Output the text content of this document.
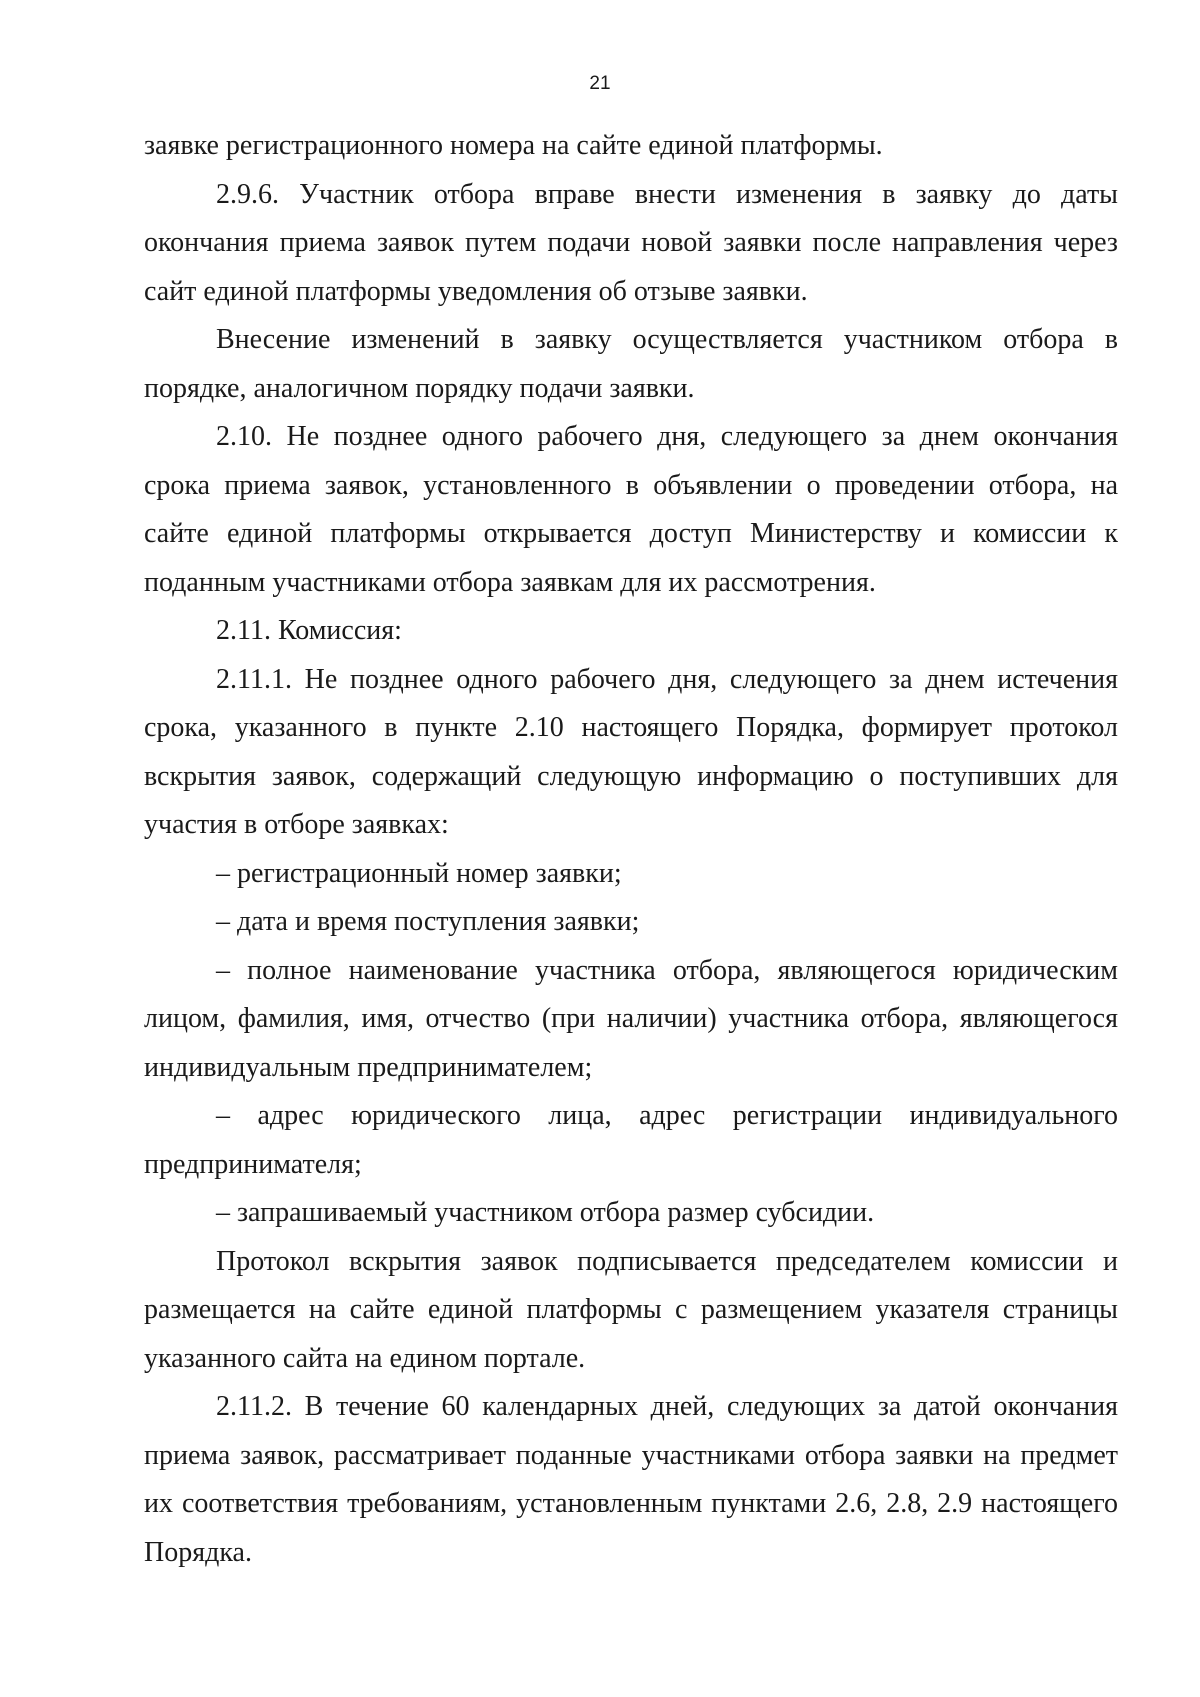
21

заявке регистрационного номера на сайте единой платформы.

2.9.6. Участник отбора вправе внести изменения в заявку до даты окончания приема заявок путем подачи новой заявки после направления через сайт единой платформы уведомления об отзыве заявки.

Внесение изменений в заявку осуществляется участником отбора в порядке, аналогичном порядку подачи заявки.

2.10. Не позднее одного рабочего дня, следующего за днем окончания срока приема заявок, установленного в объявлении о проведении отбора, на сайте единой платформы открывается доступ Министерству и комиссии к поданным участниками отбора заявкам для их рассмотрения.

2.11. Комиссия:

2.11.1. Не позднее одного рабочего дня, следующего за днем истечения срока, указанного в пункте 2.10 настоящего Порядка, формирует протокол вскрытия заявок, содержащий следующую информацию о поступивших для участия в отборе заявках:

– регистрационный номер заявки;

– дата и время поступления заявки;

– полное наименование участника отбора, являющегося юридическим лицом, фамилия, имя, отчество (при наличии) участника отбора, являющегося индивидуальным предпринимателем;

– адрес юридического лица, адрес регистрации индивидуального предпринимателя;

– запрашиваемый участником отбора размер субсидии.

Протокол вскрытия заявок подписывается председателем комиссии и размещается на сайте единой платформы с размещением указателя страницы указанного сайта на едином портале.

2.11.2. В течение 60 календарных дней, следующих за датой окончания приема заявок, рассматривает поданные участниками отбора заявки на предмет их соответствия требованиям, установленным пунктами 2.6, 2.8, 2.9 настоящего Порядка.
